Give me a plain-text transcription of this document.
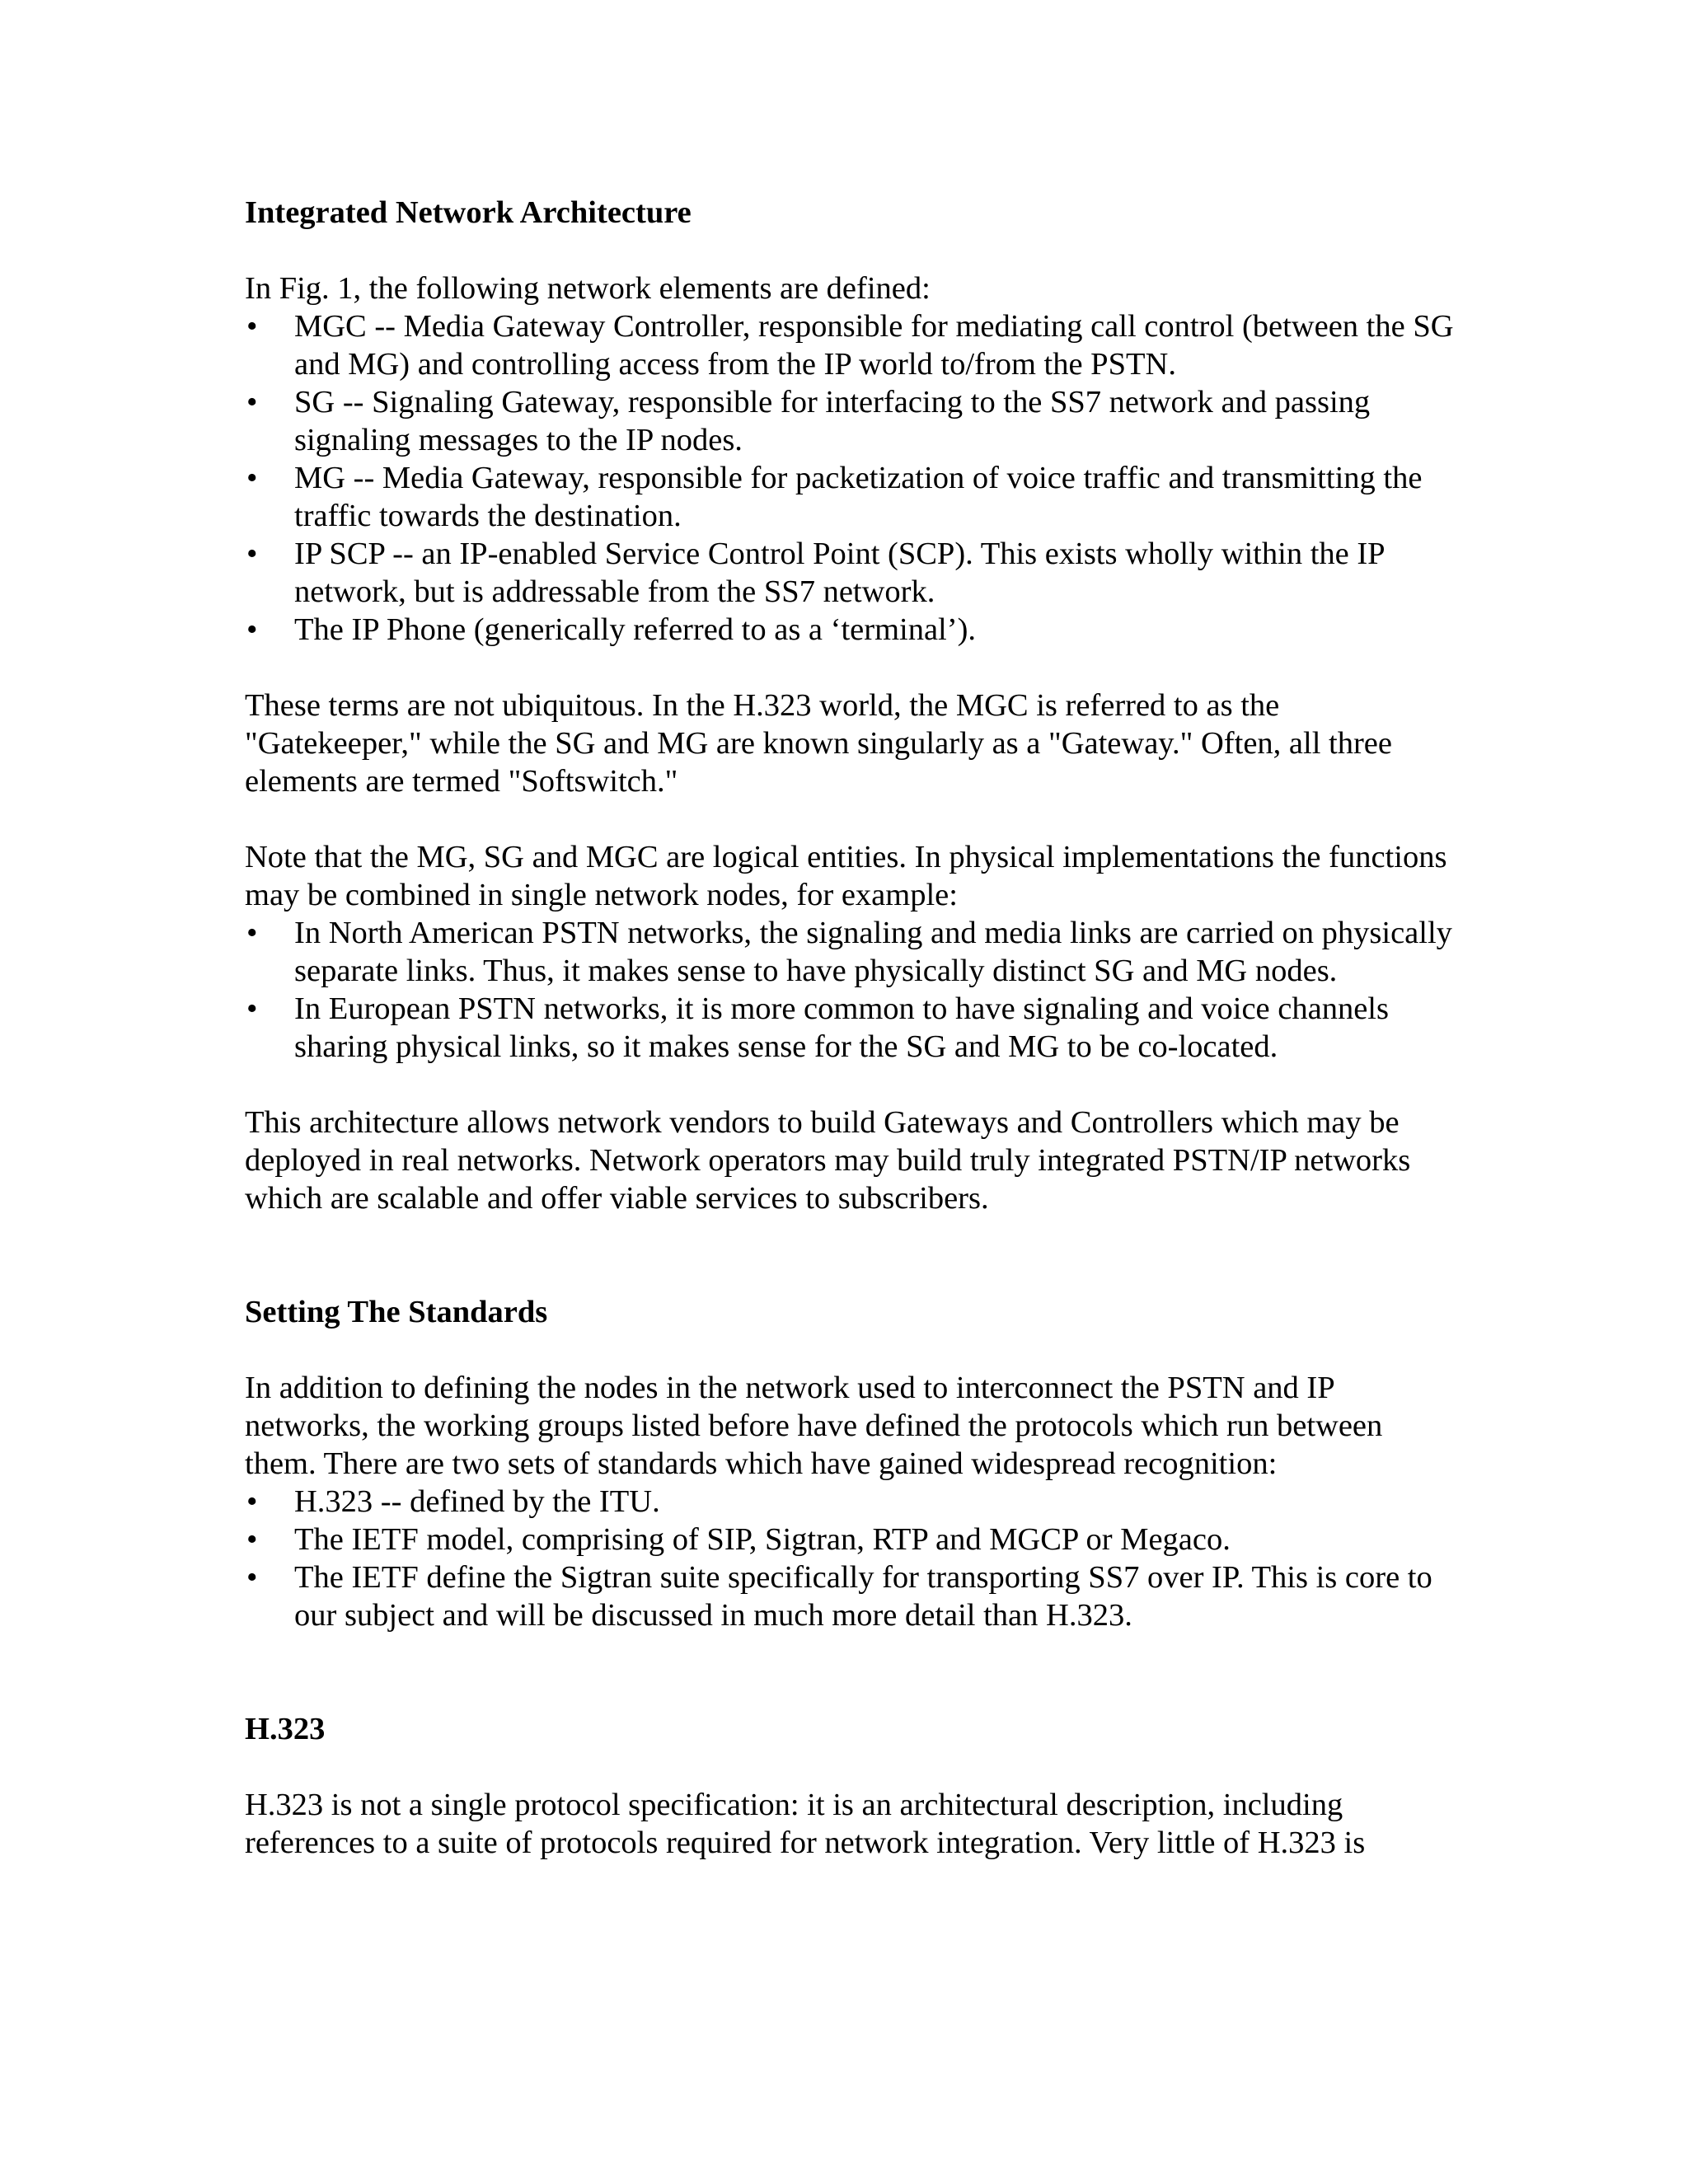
Integrated Network Architecture

In Fig. 1, the following network elements are defined:

•	MGC -- Media Gateway Controller, responsible for mediating call control (between the SG and MG) and controlling access from the IP world to/from the PSTN.
•	SG -- Signaling Gateway, responsible for interfacing to the SS7 network and passing signaling messages to the IP nodes.
•	MG -- Media Gateway, responsible for packetization of voice traffic and transmitting the traffic towards the destination.
•	IP SCP -- an IP-enabled Service Control Point (SCP). This exists wholly within the IP network, but is addressable from the SS7 network.
•	The IP Phone (generically referred to as a ‘terminal’).

These terms are not ubiquitous. In the H.323 world, the MGC is referred to as the "Gatekeeper," while the SG and MG are known singularly as a "Gateway." Often, all three elements are termed "Softswitch."

Note that the MG, SG and MGC are logical entities. In physical implementations the functions may be combined in single network nodes, for example:

•	In North American PSTN networks, the signaling and media links are carried on physically separate links. Thus, it makes sense to have physically distinct SG and MG nodes.
•	In European PSTN networks, it is more common to have signaling and voice channels sharing physical links, so it makes sense for the SG and MG to be co-located.

This architecture allows network vendors to build Gateways and Controllers which may be deployed in real networks. Network operators may build truly integrated PSTN/IP networks which are scalable and offer viable services to subscribers.

Setting The Standards

In addition to defining the nodes in the network used to interconnect the PSTN and IP networks, the working groups listed before have defined the protocols which run between them. There are two sets of standards which have gained widespread recognition:

•	H.323 -- defined by the ITU.
•	The IETF model, comprising of SIP, Sigtran, RTP and MGCP or Megaco.
•	The IETF define the Sigtran suite specifically for transporting SS7 over IP. This is core to our subject and will be discussed in much more detail than H.323.
H.323

H.323 is not a single protocol specification: it is an architectural description, including references to a suite of protocols required for network integration. Very little of H.323 is
